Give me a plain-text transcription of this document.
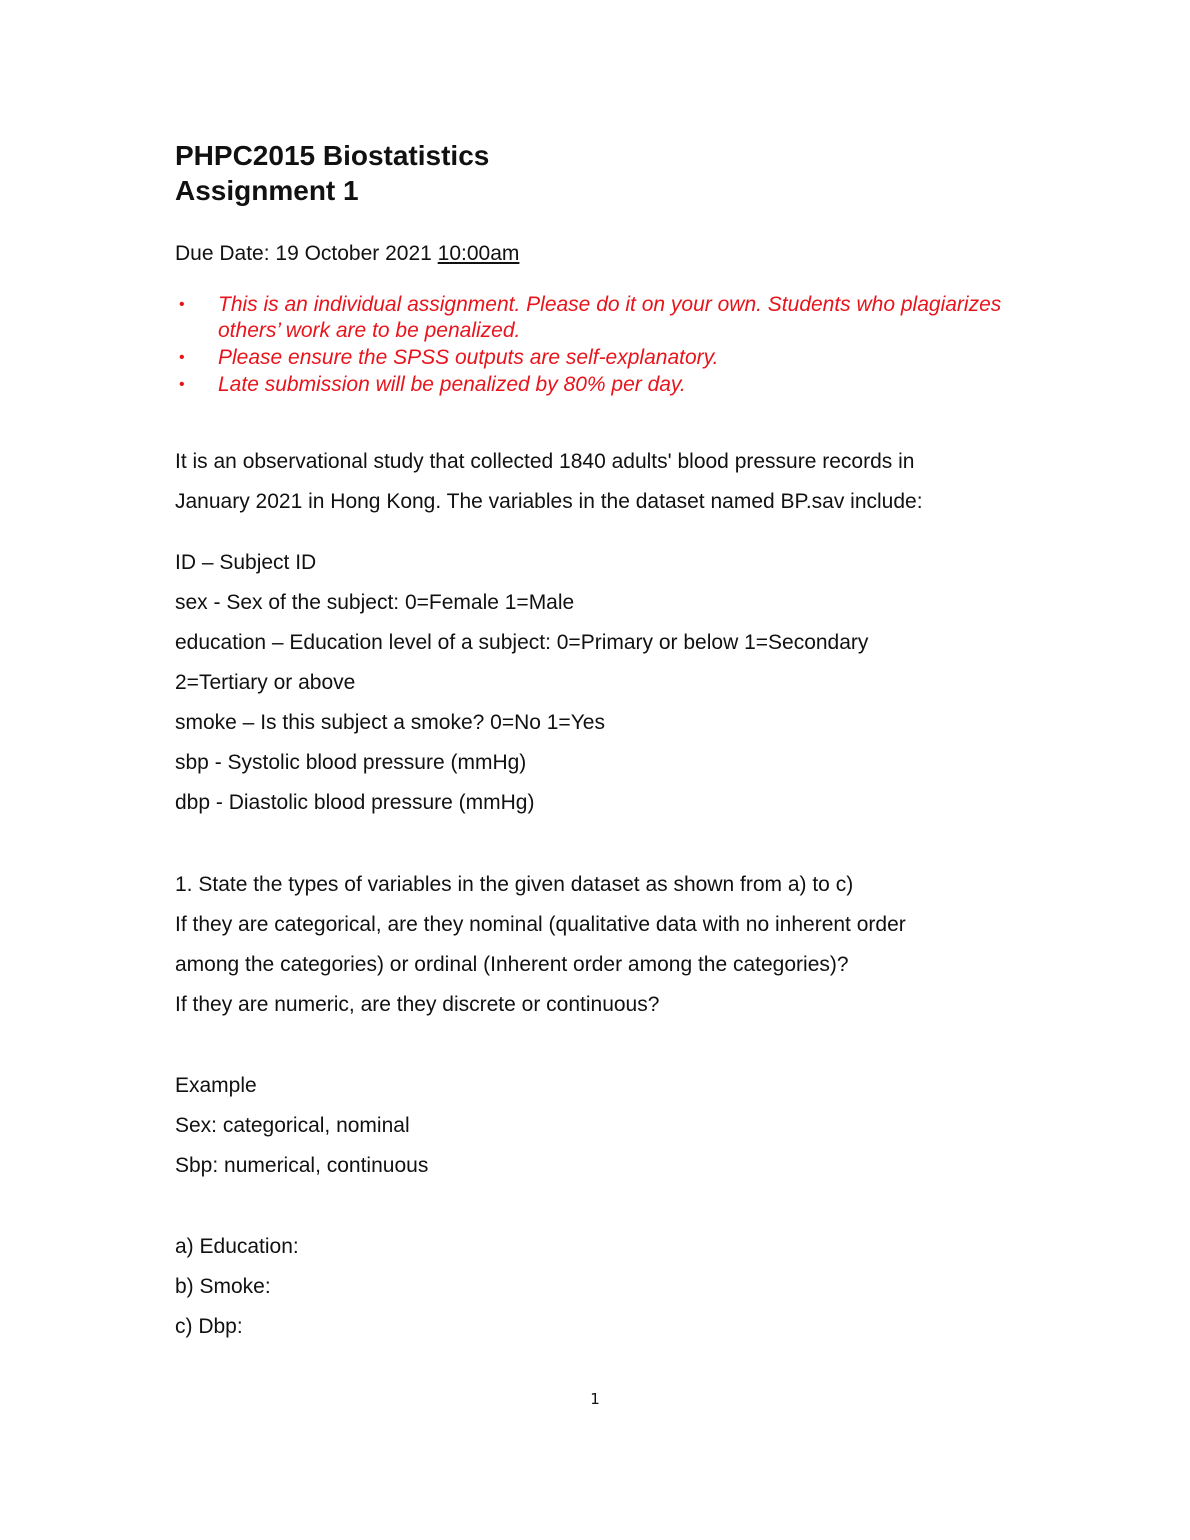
PHPC2015 Biostatistics
Assignment 1
Due Date: 19 October 2021 10:00am
• This is an individual assignment. Please do it on your own. Students who plagiarizes others’ work are to be penalized.
• Please ensure the SPSS outputs are self-explanatory.
• Late submission will be penalized by 80% per day.
It is an observational study that collected 1840 adults' blood pressure records in
January 2021 in Hong Kong. The variables in the dataset named BP.sav include:
ID – Subject ID
sex - Sex of the subject: 0=Female 1=Male
education – Education level of a subject: 0=Primary or below 1=Secondary
2=Tertiary or above
smoke – Is this subject a smoke? 0=No 1=Yes
sbp - Systolic blood pressure (mmHg)
dbp - Diastolic blood pressure (mmHg)
1. State the types of variables in the given dataset as shown from a) to c)
If they are categorical, are they nominal (qualitative data with no inherent order
among the categories) or ordinal (Inherent order among the categories)?
If they are numeric, are they discrete or continuous?
Example
Sex: categorical, nominal
Sbp: numerical, continuous
a) Education:
b) Smoke:
c) Dbp:
1
